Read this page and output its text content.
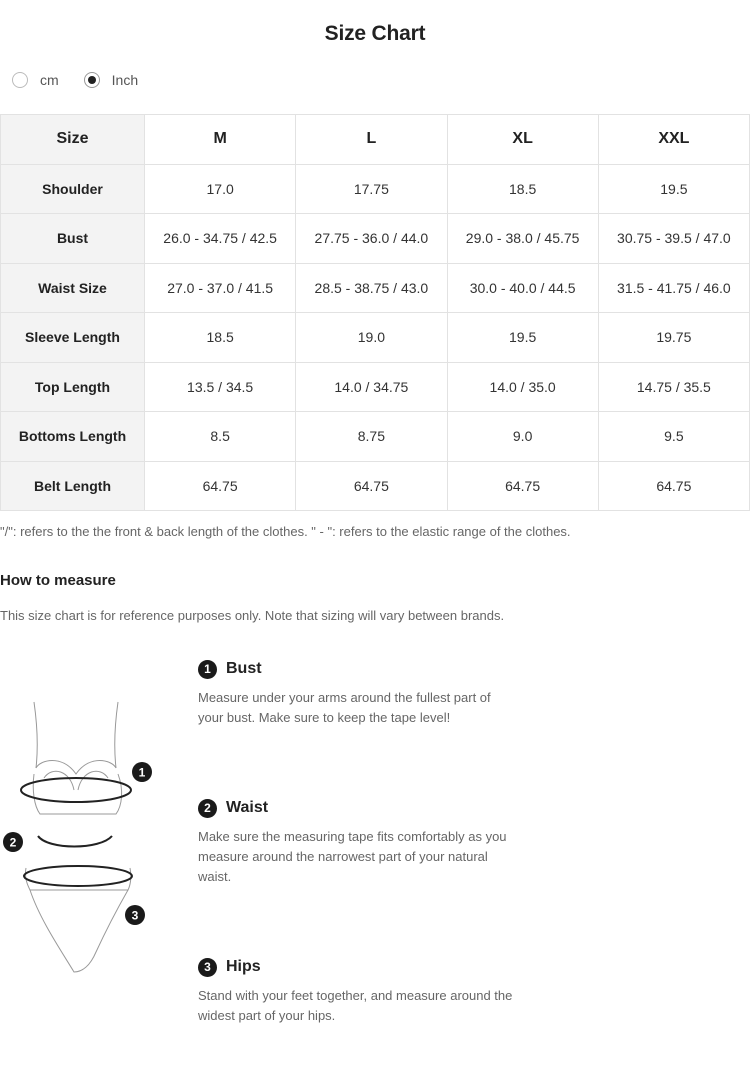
Size Chart
cm	Inch
Size	M	L	XL	XXL
Shoulder	17.0	17.75	18.5	19.5
Bust	26.0 - 34.75 / 42.5	27.75 - 36.0 / 44.0	29.0 - 38.0 / 45.75	30.75 - 39.5 / 47.0
Waist Size	27.0 - 37.0 / 41.5	28.5 - 38.75 / 43.0	30.0 - 40.0 / 44.5	31.5 - 41.75 / 46.0
Sleeve Length	18.5	19.0	19.5	19.75
Top Length	13.5 / 34.5	14.0 / 34.75	14.0 / 35.0	14.75 / 35.5
Bottoms Length	8.5	8.75	9.0	9.5
Belt Length	64.75	64.75	64.75	64.75
"/": refers to the the front & back length of the clothes. " - ": refers to the elastic range of the clothes.
How to measure
This size chart is for reference purposes only. Note that sizing will vary between brands.
1
2
3
1 Bust
Measure under your arms around the fullest part of your bust. Make sure to keep the tape level!
2 Waist
Make sure the measuring tape fits comfortably as you measure around the narrowest part of your natural waist.
3 Hips
Stand with your feet together, and measure around the widest part of your hips.
